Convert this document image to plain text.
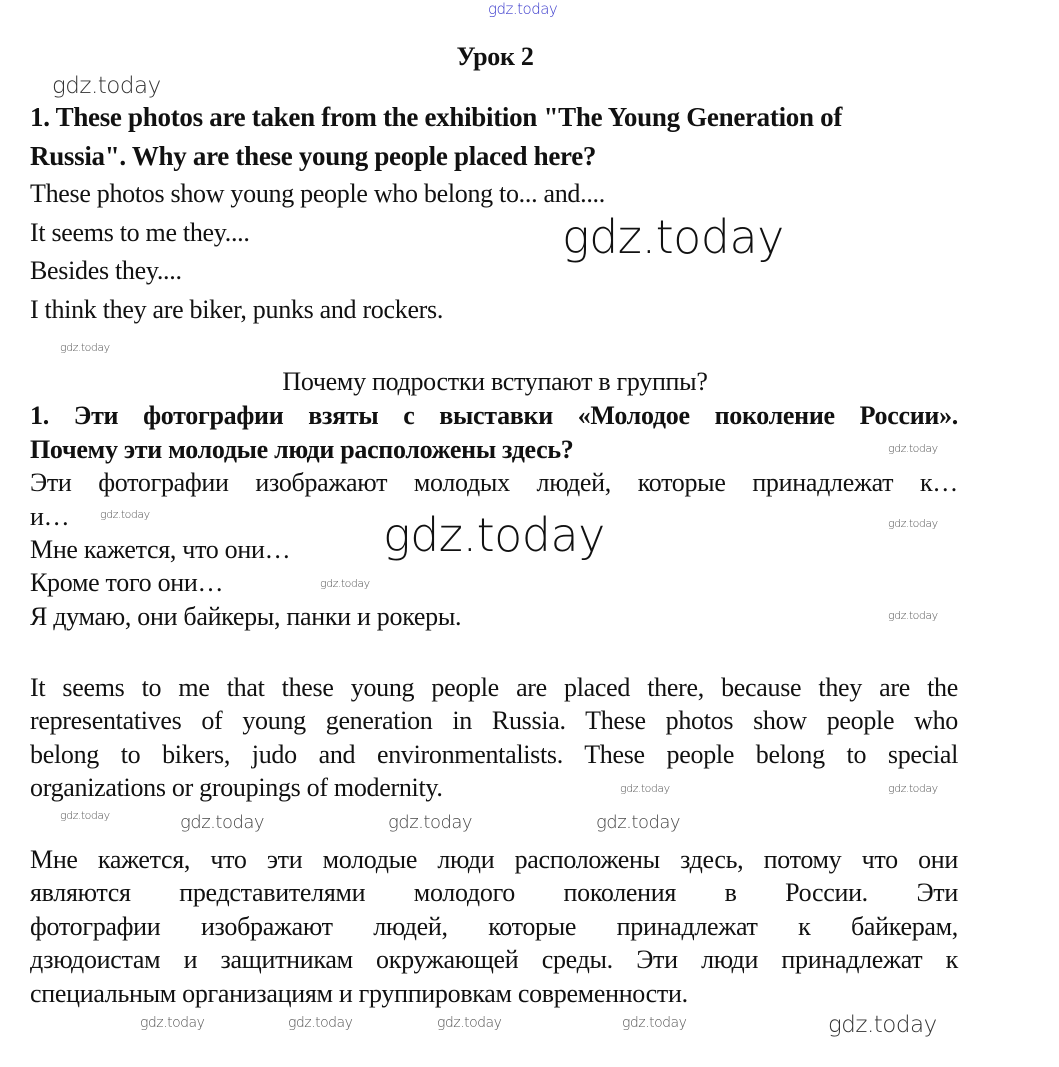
gdz.today
Урок 2
gdz.today
1. These photos are taken from the exhibition "The Young Generation of
Russia". Why are these young people placed here?
These photos show young people who belong to... and....
It seems to me they....
Besides they....
I think they are biker, punks and rockers.
gdz.today
gdz.today
Почему подростки вступают в группы?
1. Эти фотографии взяты с выставки «Молодое поколение России».
Почему эти молодые люди расположены здесь?
Эти фотографии изображают молодых людей, которые принадлежат к…
и…
Мне кажется, что они…
Кроме того они…
Я думаю, они байкеры, панки и рокеры.
gdz.today
gdz.today
gdz.today
gdz.today
gdz.today
gdz.today
It seems to me that these young people are placed there, because they are the
representatives of young generation in Russia. These photos show people who
belong to bikers, judo and environmentalists. These people belong to special
organizations or groupings of modernity.
gdz.today
gdz.today	gdz.today
gdz.today	gdz.today	gdz.today
Мне кажется, что эти молодые люди расположены здесь, потому что они
являются представителями молодого поколения в России. Эти
фотографии изображают людей, которые принадлежат к байкерам,
дзюдоистам и защитникам окружающей среды. Эти люди принадлежат к
специальным организациям и группировкам современности.
gdz.today	gdz.today	gdz.today	gdz.today	gdz.today
